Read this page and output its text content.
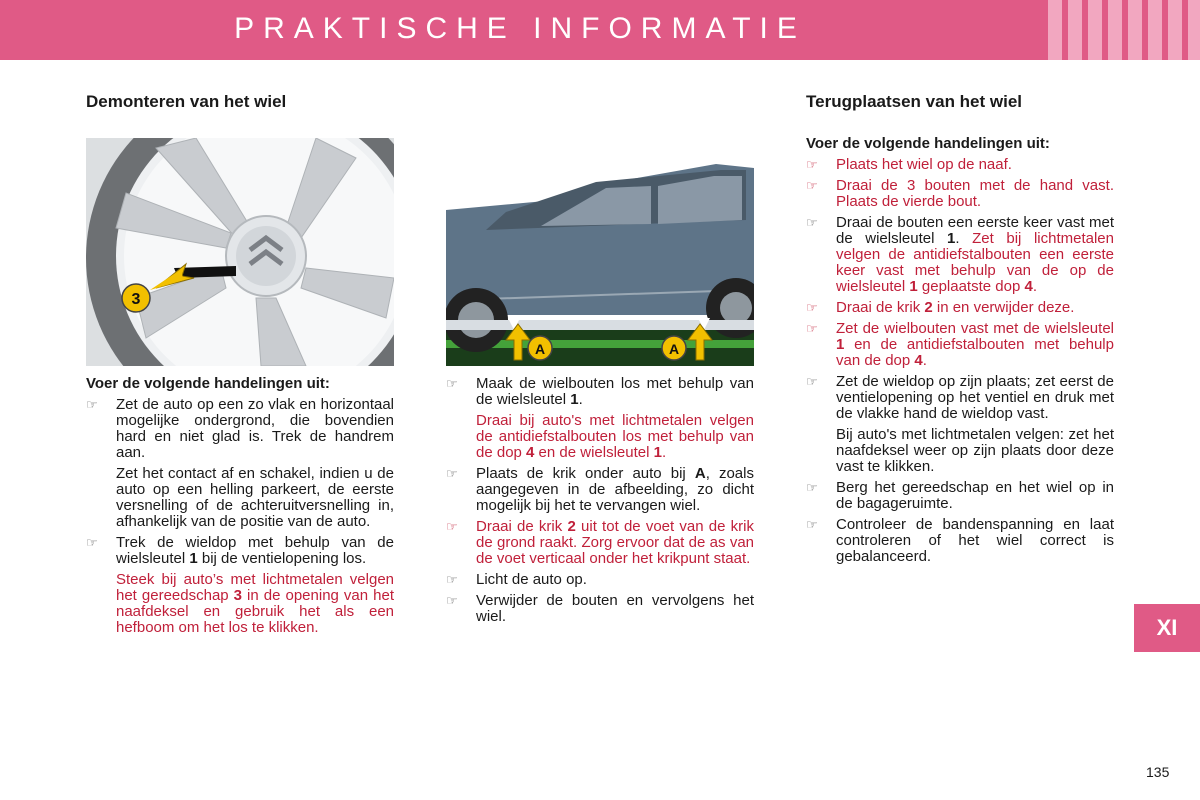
PRAKTISCHE INFORMATIE
Demonteren van het wiel	Terugplaatsen van het wiel
3
A	A

Voer de volgende handelingen uit:

☞ Zet de auto op een zo vlak en horizontaal mogelijke ondergrond, die bovendien hard en niet glad is. Trek de handrem aan.
Zet het contact af en schakel, indien u de auto op een helling parkeert, de eerste versnelling of de achteruitversnelling in, afhankelijk van de positie van de auto.
☞ Trek de wieldop met behulp van de wielsleutel 1 bij de ventielopening los.
Steek bij auto’s met lichtmetalen velgen het gereedschap 3 in de opening van het naafdeksel en gebruik het als een hefboom om het los te klikken.
☞ Maak de wielbouten los met behulp van de wielsleutel 1.
Draai bij auto's met lichtmetalen velgen de antidiefstalbouten los met behulp van de dop 4 en de wielsleutel 1.
☞ Plaats de krik onder auto bij A, zoals aangegeven in de afbeelding, zo dicht mogelijk bij het te vervangen wiel.
☞ Draai de krik 2 uit tot de voet van de krik de grond raakt. Zorg ervoor dat de as van de voet verticaal onder het krikpunt staat.
☞ Licht de auto op.
☞ Verwijder de bouten en vervolgens het wiel.

Voer de volgende handelingen uit:

☞ Plaats het wiel op de naaf.
☞ Draai de 3 bouten met de hand vast. Plaats de vierde bout.
☞ Draai de bouten een eerste keer vast met de wielsleutel 1. Zet bij lichtmetalen velgen de antidiefstalbouten een eerste keer vast met behulp van de op de wielsleutel 1 geplaatste dop 4.
☞ Draai de krik 2 in en verwijder deze.
☞ Zet de wielbouten vast met de wielsleutel 1 en de antidiefstalbouten met behulp van de dop 4.
☞ Zet de wieldop op zijn plaats; zet eerst de ventielopening op het ventiel en druk met de vlakke hand de wieldop vast.
Bij auto's met lichtmetalen velgen: zet het naafdeksel weer op zijn plaats door deze vast te klikken.
☞ Berg het gereedschap en het wiel op in de bagageruimte.
☞ Controleer de bandenspanning en laat controleren of het wiel correct is gebalanceerd.
XI
135
